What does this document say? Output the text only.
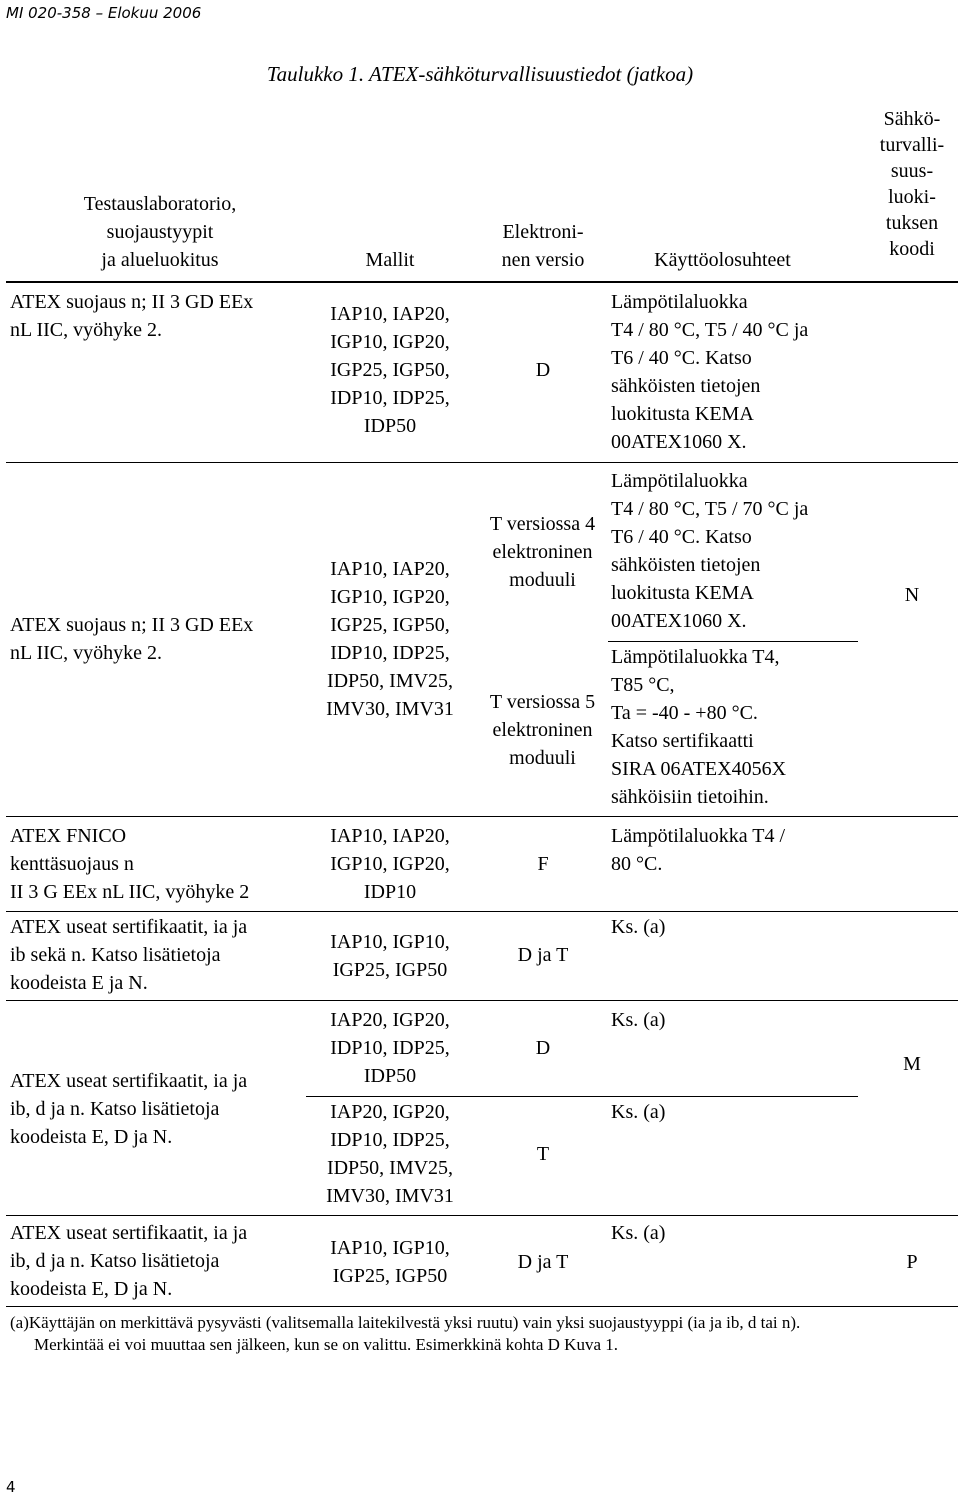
MI 020-358 – Elokuu 2006
Taulukko 1. ATEX-sähköturvallisuustiedot (jatkoa)
Testauslaboratorio,
suojaustyypit
ja alueluokitus	Mallit
Elektroni-
nen versio	Käyttöolosuhteet
Sähkö-
turvalli-
suus-
luoki-
tuksen
koodi
ATEX suojaus n; II 3 GD EEx
nL IIC, vyöhyke 2.
IAP10, IAP20,
IGP10, IGP20,
IGP25, IGP50,
IDP10, IDP25,
IDP50
D
Lämpötilaluokka
T4 / 80 °C, T5 / 40 °C ja
T6 / 40 °C. Katso
sähköisten tietojen
luokitusta KEMA
00ATEX1060 X.
ATEX suojaus n; II 3 GD EEx
nL IIC, vyöhyke 2.
IAP10, IAP20,
IGP10, IGP20,
IGP25, IGP50,
IDP10, IDP25,
IDP50, IMV25,
IMV30, IMV31
T versiossa 4
elektroninen
moduuli
T versiossa 5
elektroninen
moduuli
Lämpötilaluokka
T4 / 80 °C, T5 / 70 °C ja
T6 / 40 °C. Katso
sähköisten tietojen
luokitusta KEMA
00ATEX1060 X.
Lämpötilaluokka T4,
T85 °C,
Ta = -40 - +80 °C.
Katso sertifikaatti
SIRA 06ATEX4056X
sähköisiin tietoihin.
N
ATEX FNICO
kenttäsuojaus n
II 3 G EEx nL IIC, vyöhyke 2
IAP10, IAP20,
IGP10, IGP20,
IDP10
F
Lämpötilaluokka T4 /
80 °C.
ATEX useat sertifikaatit, ia ja
ib sekä n. Katso lisätietoja
koodeista E ja N.
IAP10, IGP10,
IGP25, IGP50
D ja T
Ks. (a)
ATEX useat sertifikaatit, ia ja
ib, d ja n. Katso lisätietoja
koodeista E, D ja N.
IAP20, IGP20,
IDP10, IDP25,
IDP50
D
Ks. (a)
IAP20, IGP20,
IDP10, IDP25,
IDP50, IMV25,
IMV30, IMV31
T
Ks. (a)
M
ATEX useat sertifikaatit, ia ja
ib, d ja n. Katso lisätietoja
koodeista E, D ja N.
IAP10, IGP10,
IGP25, IGP50
D ja T
Ks. (a)
P
(a)Käyttäjän on merkittävä pysyvästi (valitsemalla laitekilvestä yksi ruutu) vain yksi suojaustyyppi (ia ja ib, d tai n).
Merkintää ei voi muuttaa sen jälkeen, kun se on valittu. Esimerkkinä kohta D Kuva 1.
4
